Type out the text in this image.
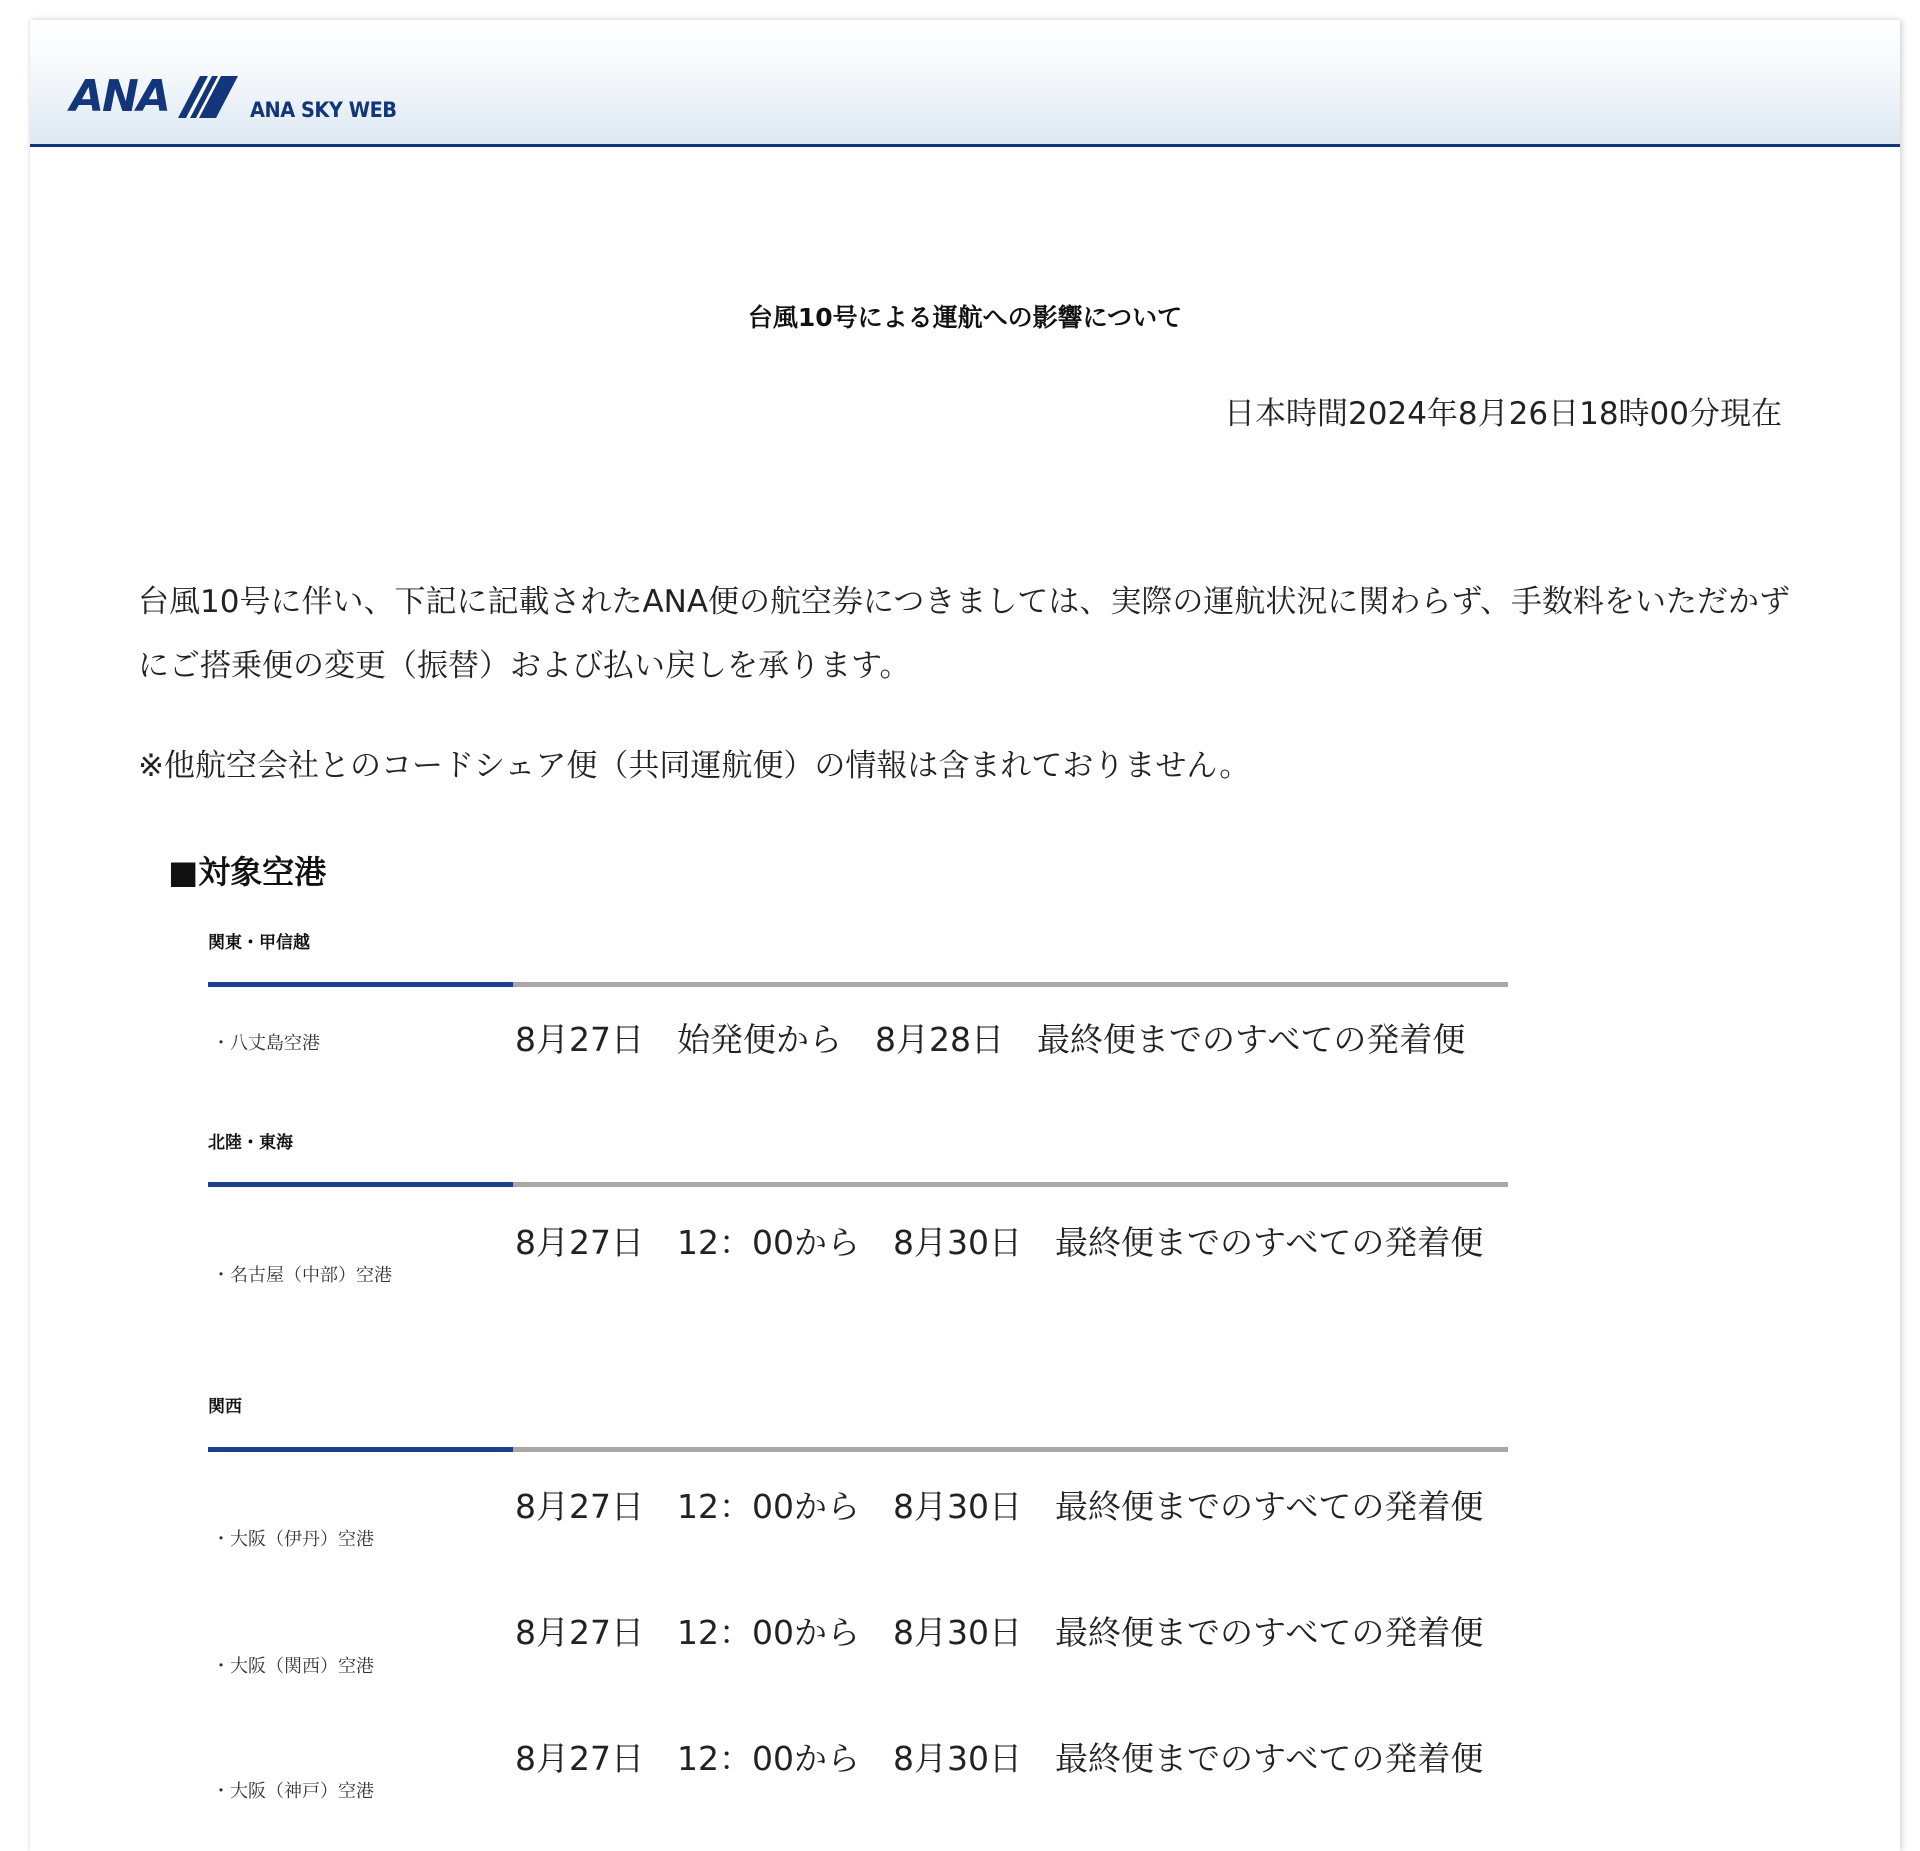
ANA	ANA SKY WEB
台風10号による運航への影響について
日本時間2024年8月26日18時00分現在

台風10号に伴い、下記に記載されたANA便の航空券につきましては、実際の運航状況に関わらず、手数料をいただかずにご搭乗便の変更（振替）および払い戻しを承ります。

※他航空会社とのコードシェア便（共同運航便）の情報は含まれておりません。

■対象空港
関東・甲信越
・八丈島空港	8月27日  始発便から  8月28日  最終便までのすべての発着便

北陸・東海
・名古屋（中部）空港

8月27日  12：00から  8月30日  最終便までのすべての発着便

関西
・大阪（伊丹）空港

8月27日  12：00から  8月30日  最終便までのすべての発着便

・大阪（関西）空港

8月27日  12：00から  8月30日  最終便までのすべての発着便

・大阪（神戸）空港

8月27日  12：00から  8月30日  最終便までのすべての発着便
